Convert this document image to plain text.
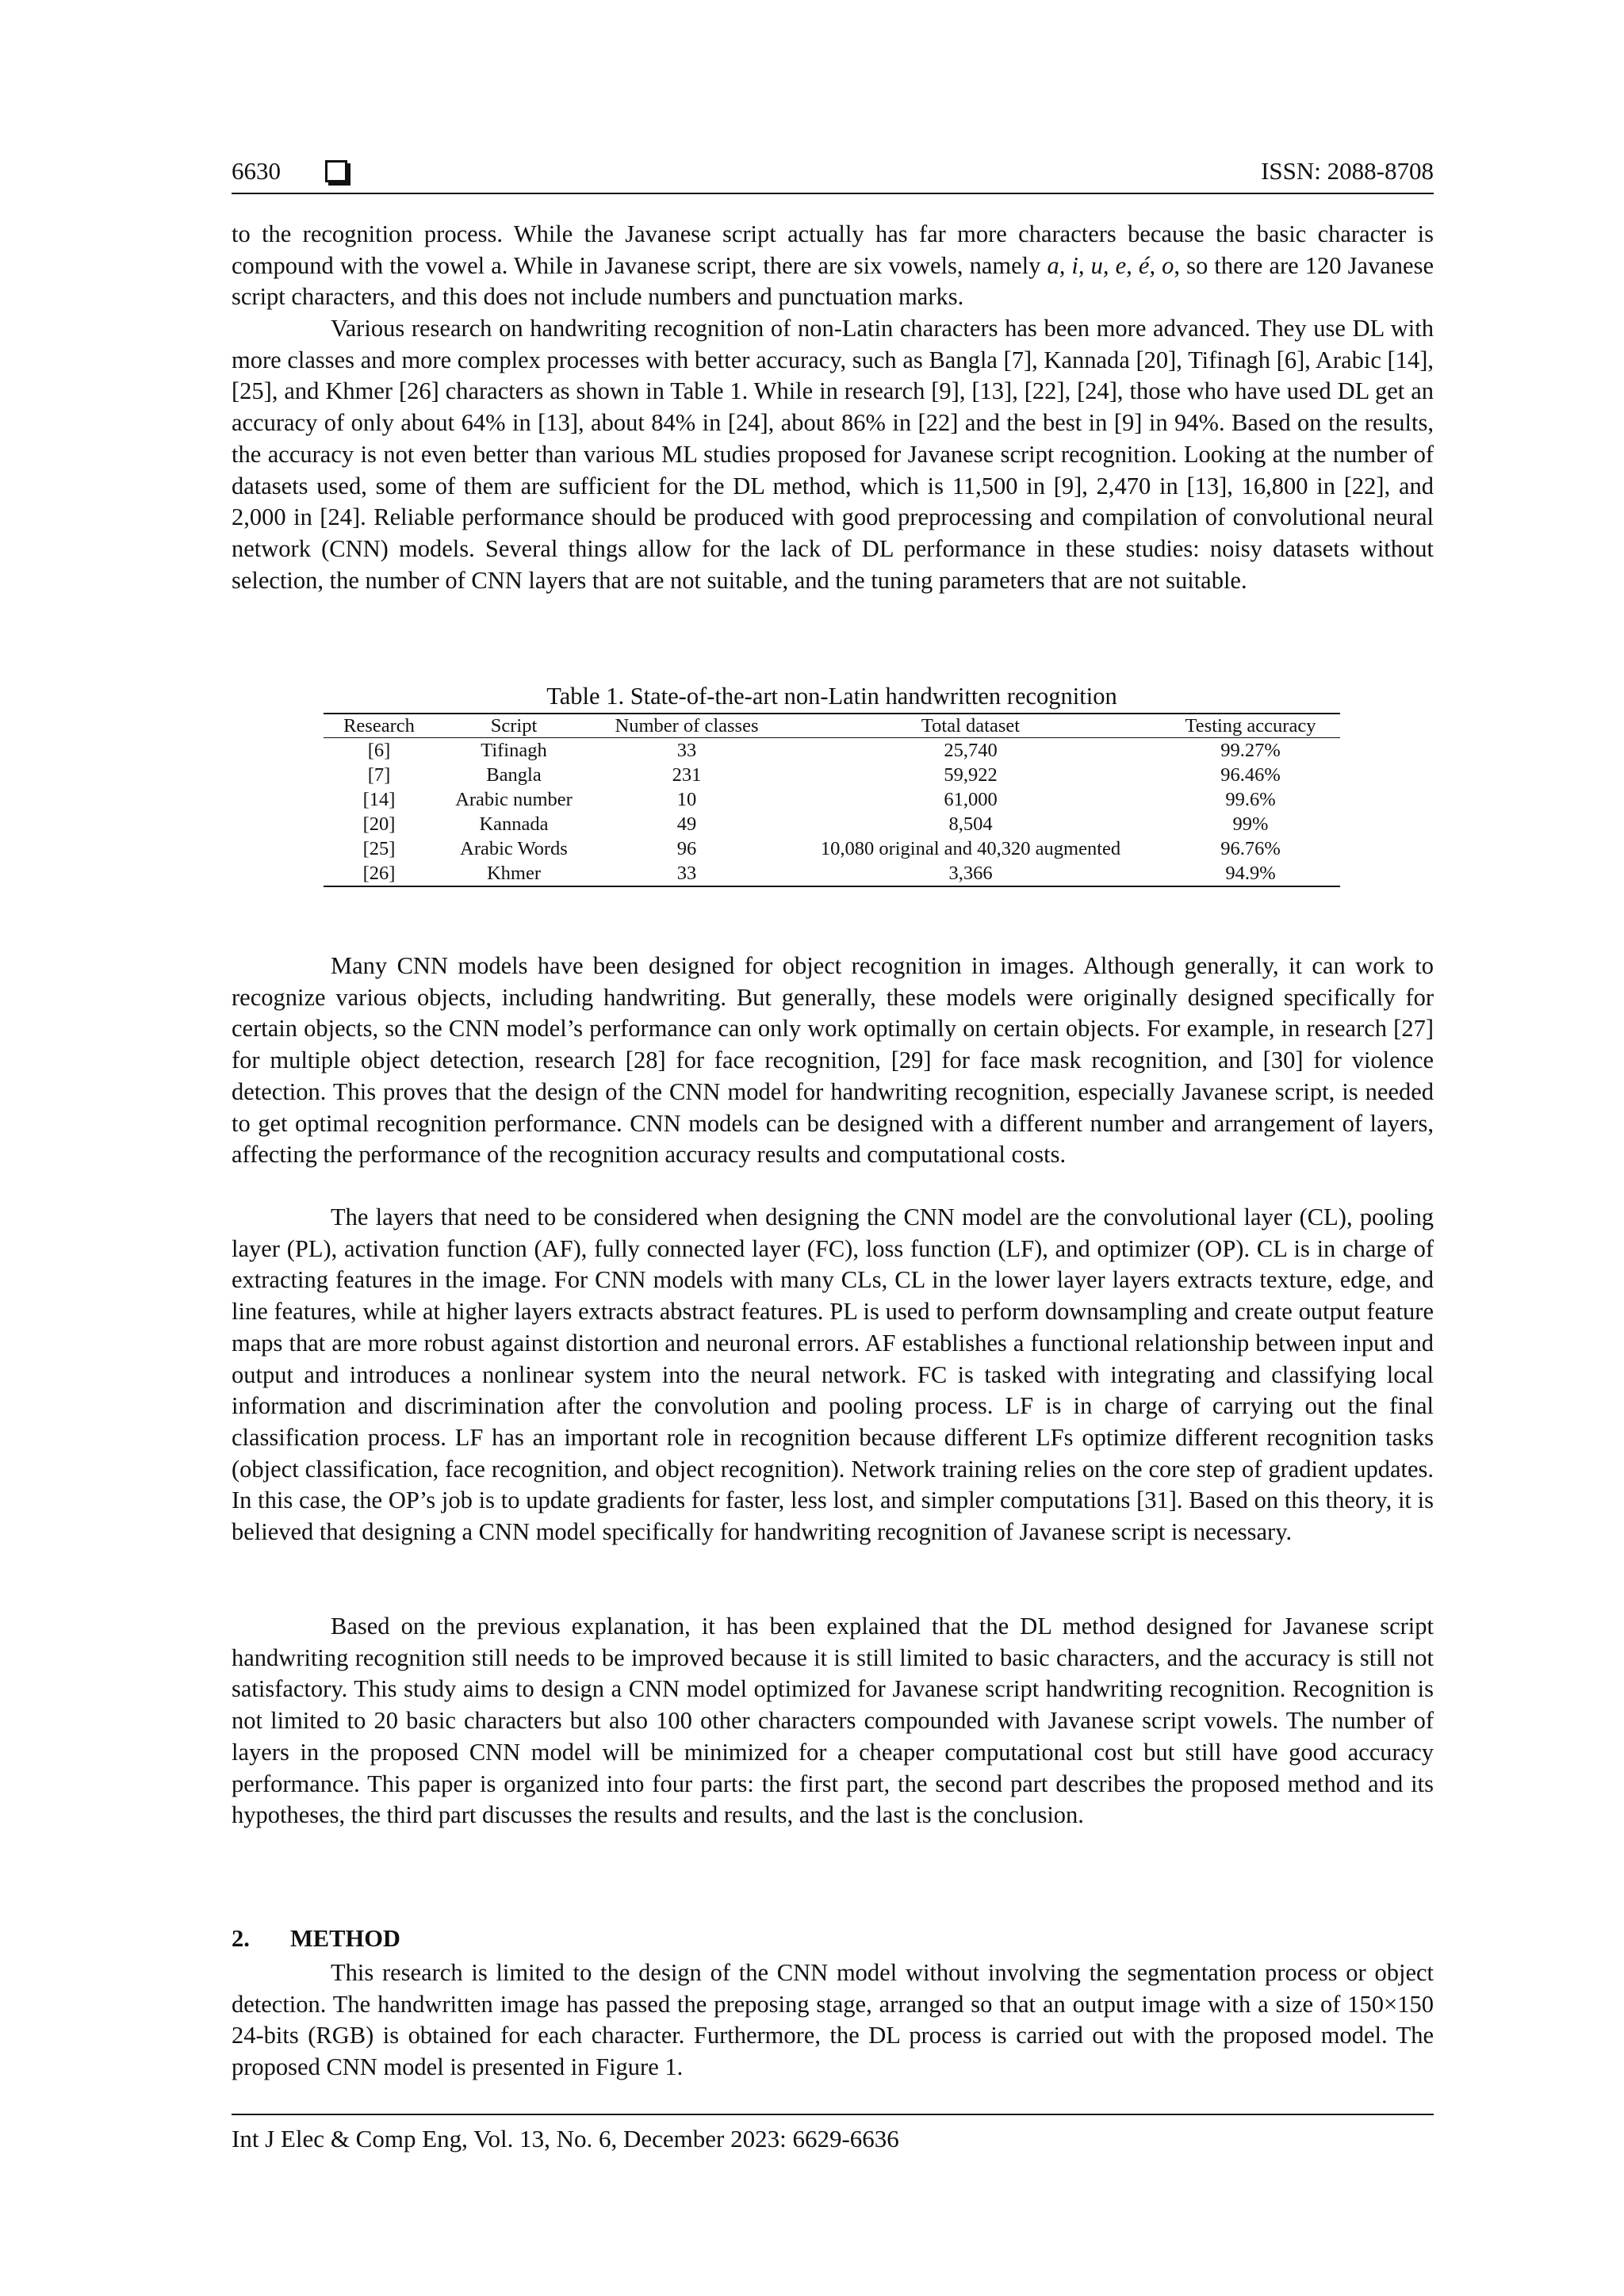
6630	ISSN: 2088-8708

to the recognition process. While the Javanese script actually has far more characters because the basic character is compound with the vowel a. While in Javanese script, there are six vowels, namely a, i, u, e, é, o, so there are 120 Javanese script characters, and this does not include numbers and punctuation marks.

Various research on handwriting recognition of non-Latin characters has been more advanced. They use DL with more classes and more complex processes with better accuracy, such as Bangla [7], Kannada [20], Tifinagh [6], Arabic [14], [25], and Khmer [26] characters as shown in Table 1. While in research [9], [13], [22], [24], those who have used DL get an accuracy of only about 64% in [13], about 84% in [24], about 86% in [22] and the best in [9] in 94%. Based on the results, the accuracy is not even better than various ML studies proposed for Javanese script recognition. Looking at the number of datasets used, some of them are sufficient for the DL method, which is 11,500 in [9], 2,470 in [13], 16,800 in [22], and 2,000 in [24]. Reliable performance should be produced with good preprocessing and compilation of convolutional neural network (CNN) models. Several things allow for the lack of DL performance in these studies: noisy datasets without selection, the number of CNN layers that are not suitable, and the tuning parameters that are not suitable.

Table 1. State-of-the-art non-Latin handwritten recognition
Research	Script	Number of classes	Total dataset	Testing accuracy
[6]	Tifinagh	33	25,740	99.27%
[7]	Bangla	231	59,922	96.46%
[14]	Arabic number	10	61,000	99.6%
[20]	Kannada	49	8,504	99%
[25]	Arabic Words	96	10,080 original and 40,320 augmented	96.76%
[26]	Khmer	33	3,366	94.9%

Many CNN models have been designed for object recognition in images. Although generally, it can work to recognize various objects, including handwriting. But generally, these models were originally designed specifically for certain objects, so the CNN model’s performance can only work optimally on certain objects. For example, in research [27] for multiple object detection, research [28] for face recognition, [29] for face mask recognition, and [30] for violence detection. This proves that the design of the CNN model for handwriting recognition, especially Javanese script, is needed to get optimal recognition performance. CNN models can be designed with a different number and arrangement of layers, affecting the performance of the recognition accuracy results and computational costs.

The layers that need to be considered when designing the CNN model are the convolutional layer (CL), pooling layer (PL), activation function (AF), fully connected layer (FC), loss function (LF), and optimizer (OP). CL is in charge of extracting features in the image. For CNN models with many CLs, CL in the lower layer layers extracts texture, edge, and line features, while at higher layers extracts abstract features. PL is used to perform downsampling and create output feature maps that are more robust against distortion and neuronal errors. AF establishes a functional relationship between input and output and introduces a nonlinear system into the neural network. FC is tasked with integrating and classifying local information and discrimination after the convolution and pooling process. LF is in charge of carrying out the final classification process. LF has an important role in recognition because different LFs optimize different recognition tasks (object classification, face recognition, and object recognition). Network training relies on the core step of gradient updates. In this case, the OP’s job is to update gradients for faster, less lost, and simpler computations [31]. Based on this theory, it is believed that designing a CNN model specifically for handwriting recognition of Javanese script is necessary.

Based on the previous explanation, it has been explained that the DL method designed for Javanese script handwriting recognition still needs to be improved because it is still limited to basic characters, and the accuracy is still not satisfactory. This study aims to design a CNN model optimized for Javanese script handwriting recognition. Recognition is not limited to 20 basic characters but also 100 other characters compounded with Javanese script vowels. The number of layers in the proposed CNN model will be minimized for a cheaper computational cost but still have good accuracy performance. This paper is organized into four parts: the first part, the second part describes the proposed method and its hypotheses, the third part discusses the results and results, and the last is the conclusion.

2. METHOD

This research is limited to the design of the CNN model without involving the segmentation process or object detection. The handwritten image has passed the preposing stage, arranged so that an output image with a size of 150×150 24-bits (RGB) is obtained for each character. Furthermore, the DL process is carried out with the proposed model. The proposed CNN model is presented in Figure 1.

Int J Elec & Comp Eng, Vol. 13, No. 6, December 2023: 6629-6636
